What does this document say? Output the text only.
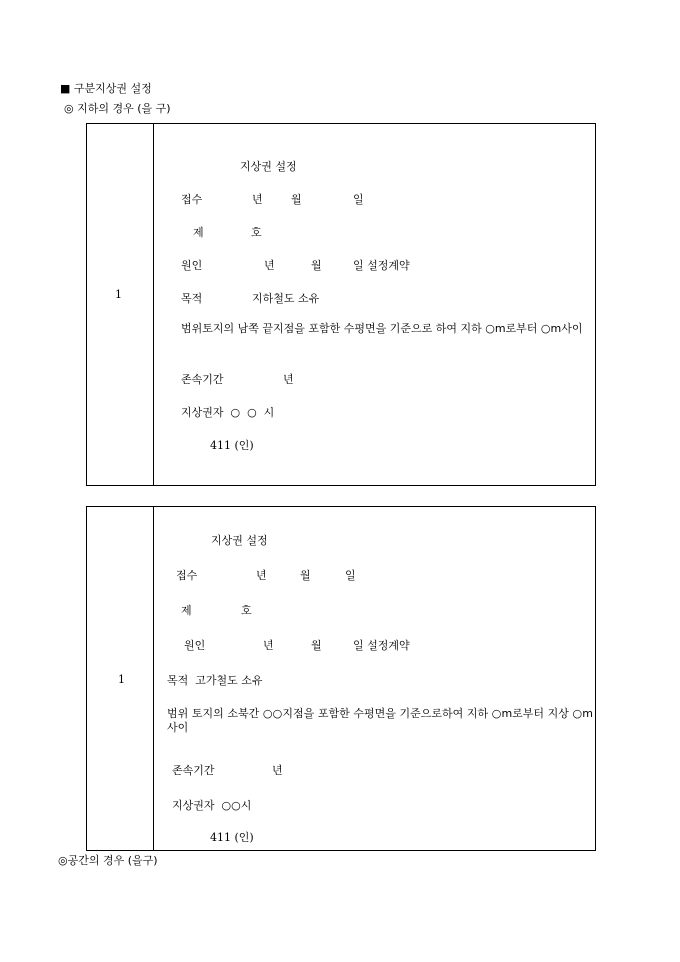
■ 구분지상권 설정
◎ 지하의 경우 (을 구)
1
지상권 설정
접수	년	월	일
제	호
원인	년	월	일 설정계약
목적	지하철도 소유
범위토지의 남쪽 끝지점을 포함한 수평면을 기준으로 하여 지하 ○m로부터 ○m사이
존속기간	년
지상권자  ○  ○  시
411 (인)
1
지상권 설정
접수	년	월	일
제	호
원인	년	월	일 설정계약
목적  고가철도 소유
범위 토지의 소북간 ○○지점을 포함한 수평면을 기준으로하여 지하 ○m로부터 지상 ○m사이
존속기간	년
지상권자  ○○시
411 (인)
◎공간의 경우 (을구)
